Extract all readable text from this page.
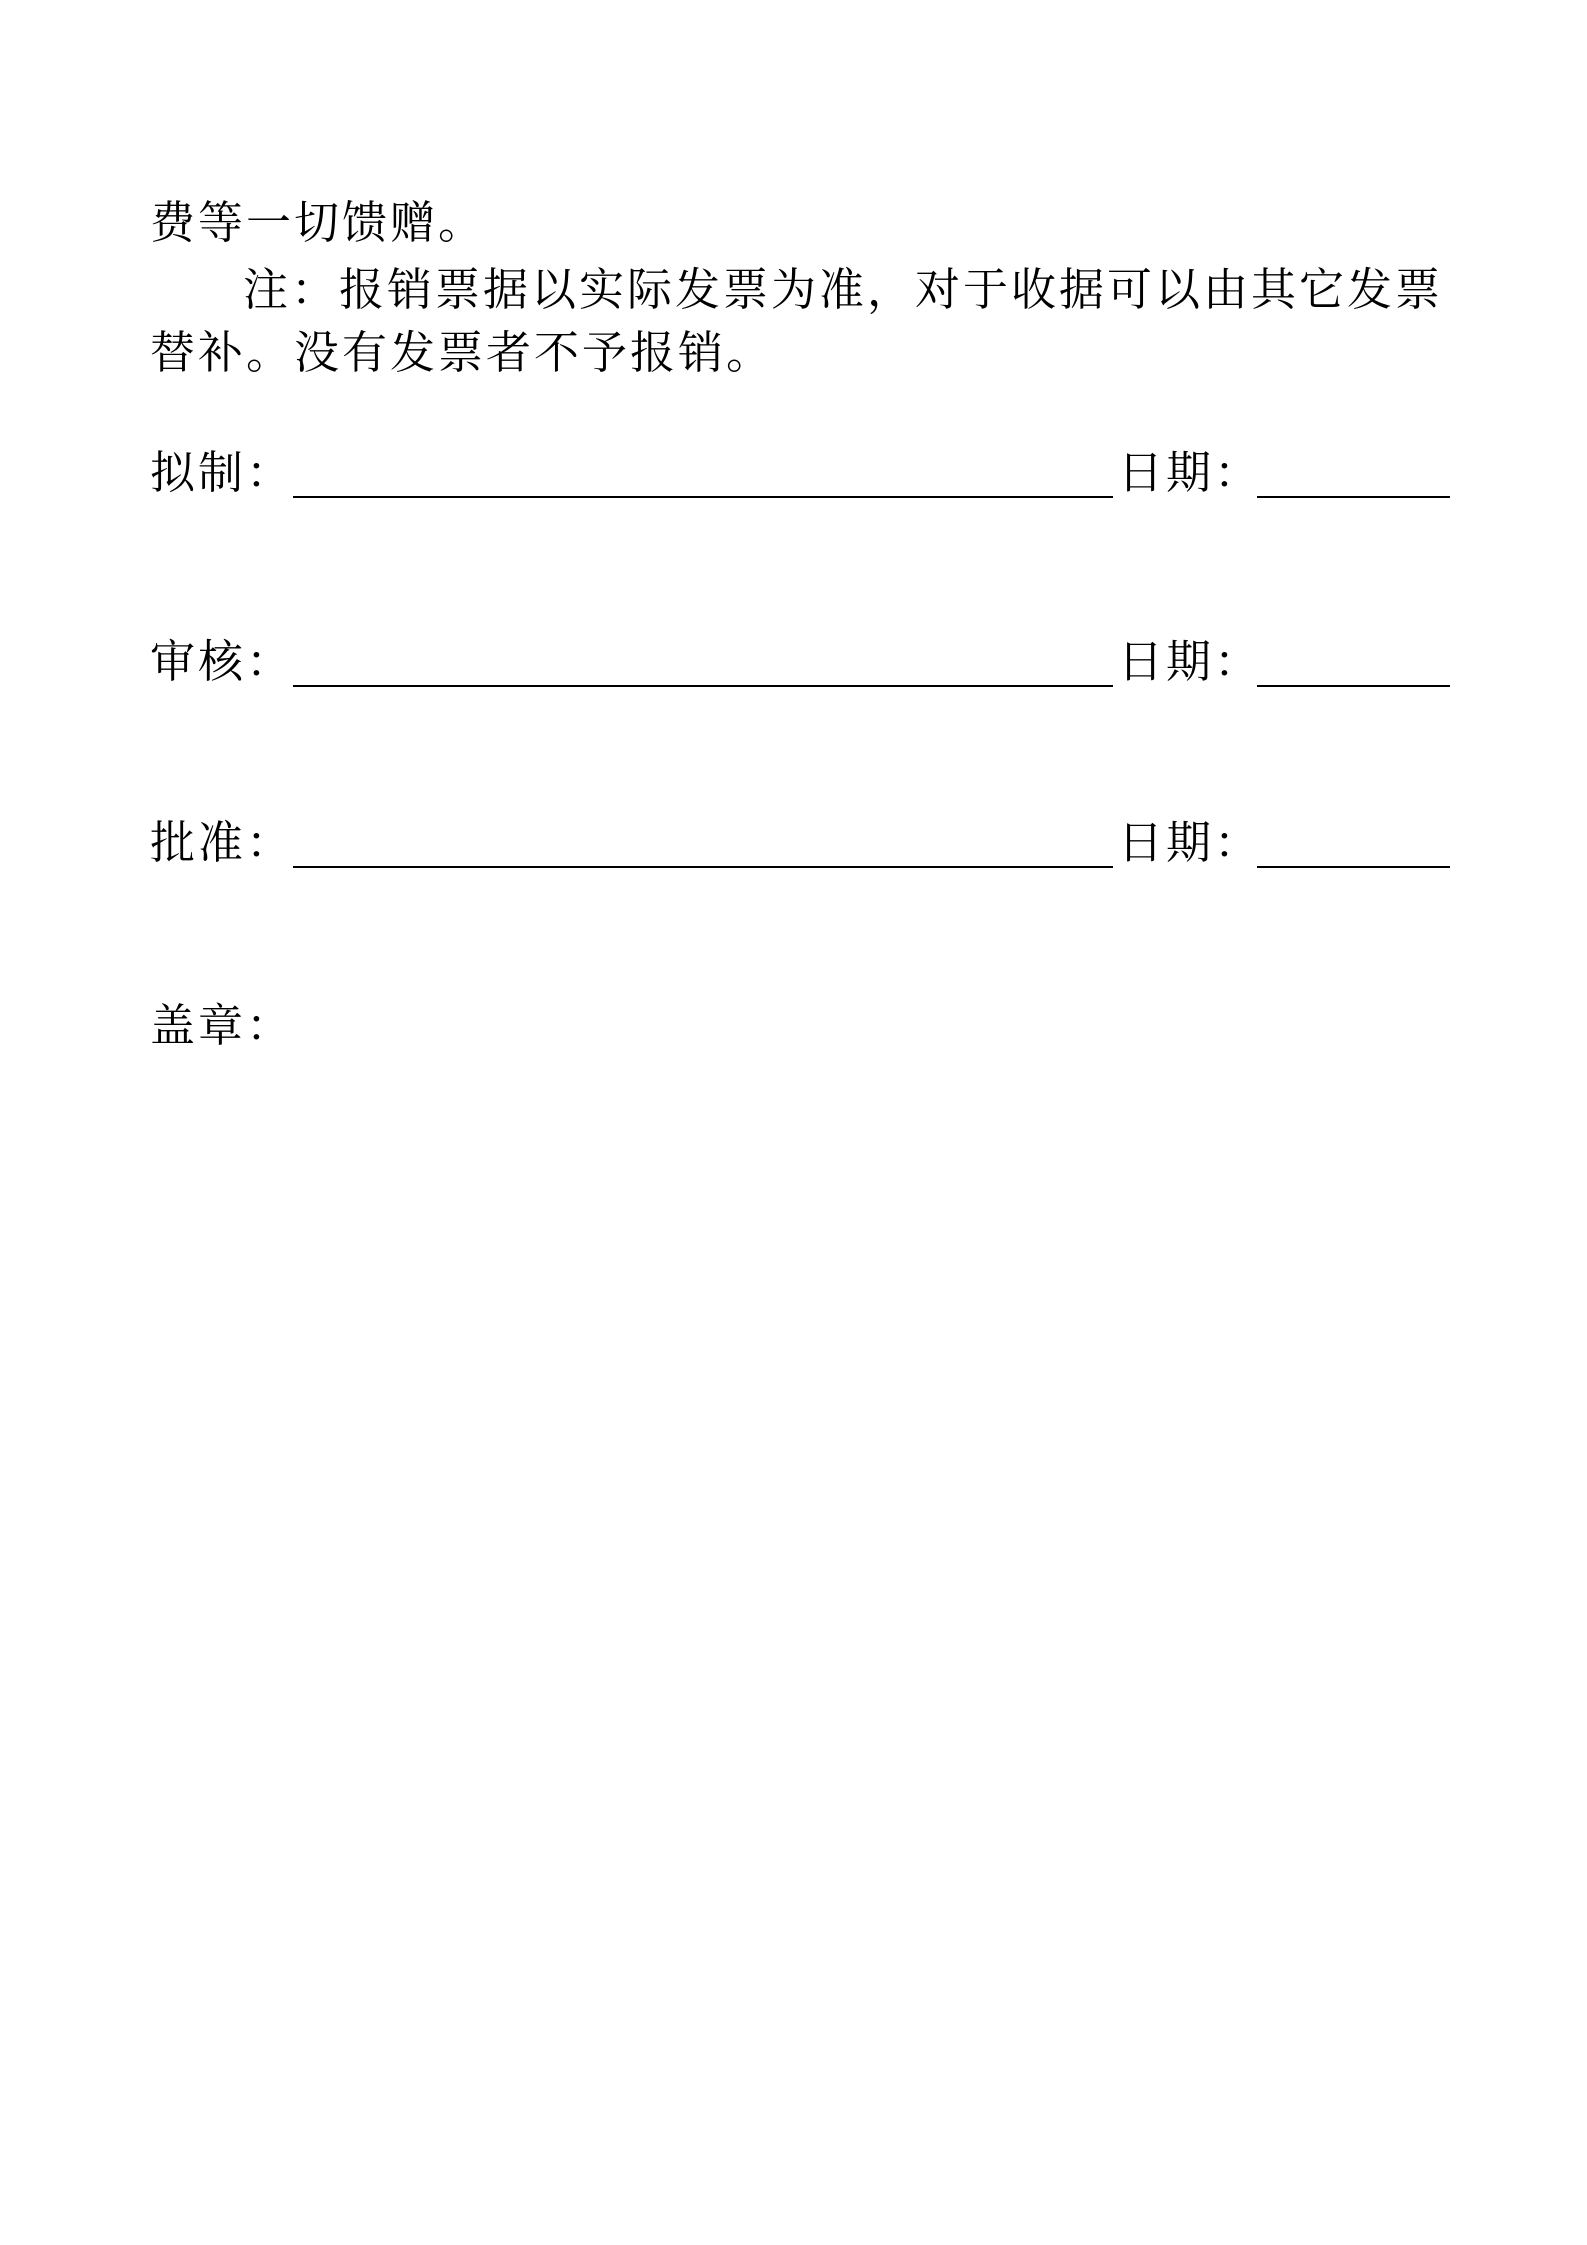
费等一切馈赠。
注：报销票据以实际发票为准，对于收据可以由其它发票
替补。没有发票者不予报销。
拟制：	日期：
审核：	日期：
批准：	日期：
盖章：
